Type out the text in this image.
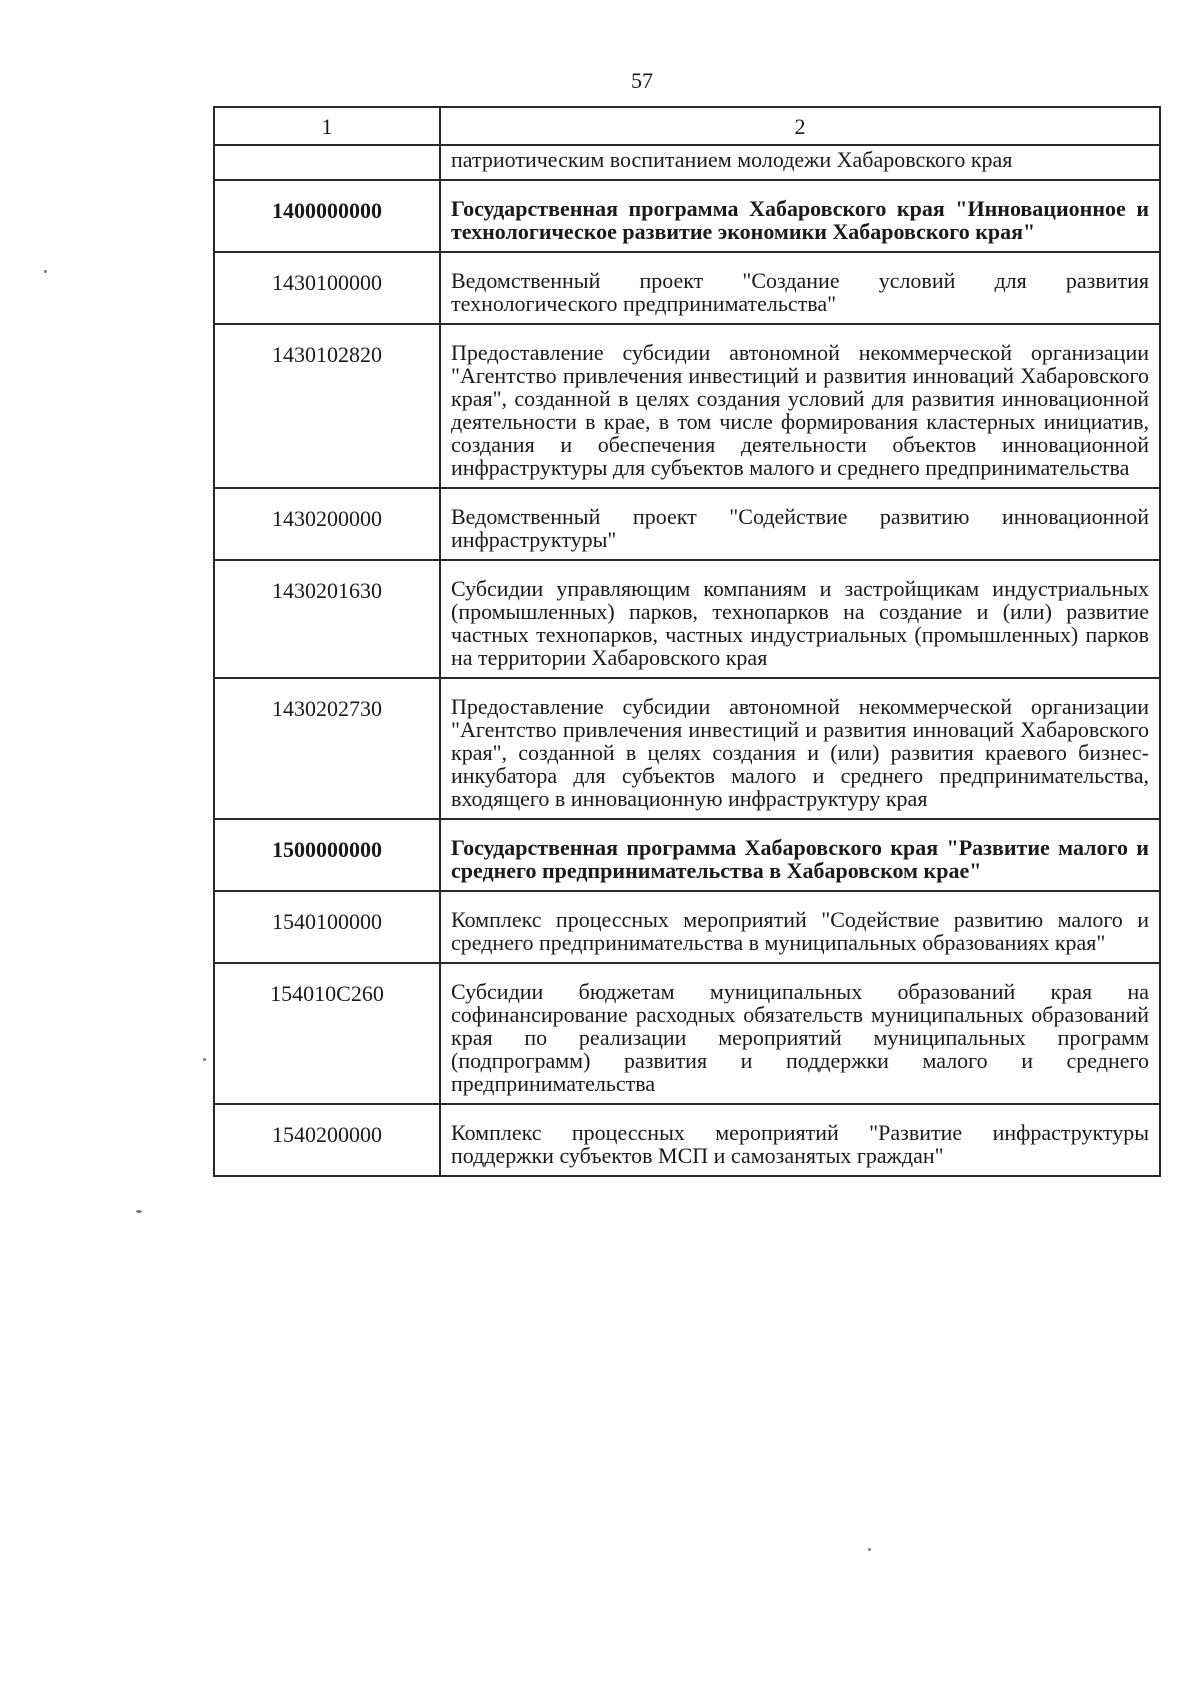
57
1	2
	патриотическим воспитанием молодежи Хабаровского края
1400000000	Государственная программа Хабаровского края "Инновационное и технологическое развитие экономики Хабаровского края"
1430100000	Ведомственный проект "Создание условий для развития технологического предпринимательства"
1430102820	Предоставление субсидии автономной некоммерческой организации "Агентство привлечения инвестиций и развития инноваций Хабаровского края", созданной в целях создания условий для развития инновационной деятельности в крае, в том числе формирования кластерных инициатив, создания и обеспечения деятельности объектов инновационной инфраструктуры для субъектов малого и среднего предпринимательства
1430200000	Ведомственный проект "Содействие развитию инновационной инфраструктуры"
1430201630	Субсидии управляющим компаниям и застройщикам индустриальных (промышленных) парков, технопарков на создание и (или) развитие частных технопарков, частных индустриальных (промышленных) парков на территории Хабаровского края
1430202730	Предоставление субсидии автономной некоммерческой организации "Агентство привлечения инвестиций и развития инноваций Хабаровского края", созданной в целях создания и (или) развития краевого бизнес-инкубатора для субъектов малого и среднего предпринимательства, входящего в инновационную инфраструктуру края
1500000000	Государственная программа Хабаровского края "Развитие малого и среднего предпринимательства в Хабаровском крае"
1540100000	Комплекс процессных мероприятий "Содействие развитию малого и среднего предпринимательства в муниципальных образованиях края"
154010С260	Субсидии бюджетам муниципальных образований края на софинансирование расходных обязательств муниципальных образований края по реализации мероприятий муниципальных программ (подпрограмм) развития и поддержки малого и среднего предпринимательства
1540200000	Комплекс процессных мероприятий "Развитие инфраструктуры поддержки субъектов МСП и самозанятых граждан"
